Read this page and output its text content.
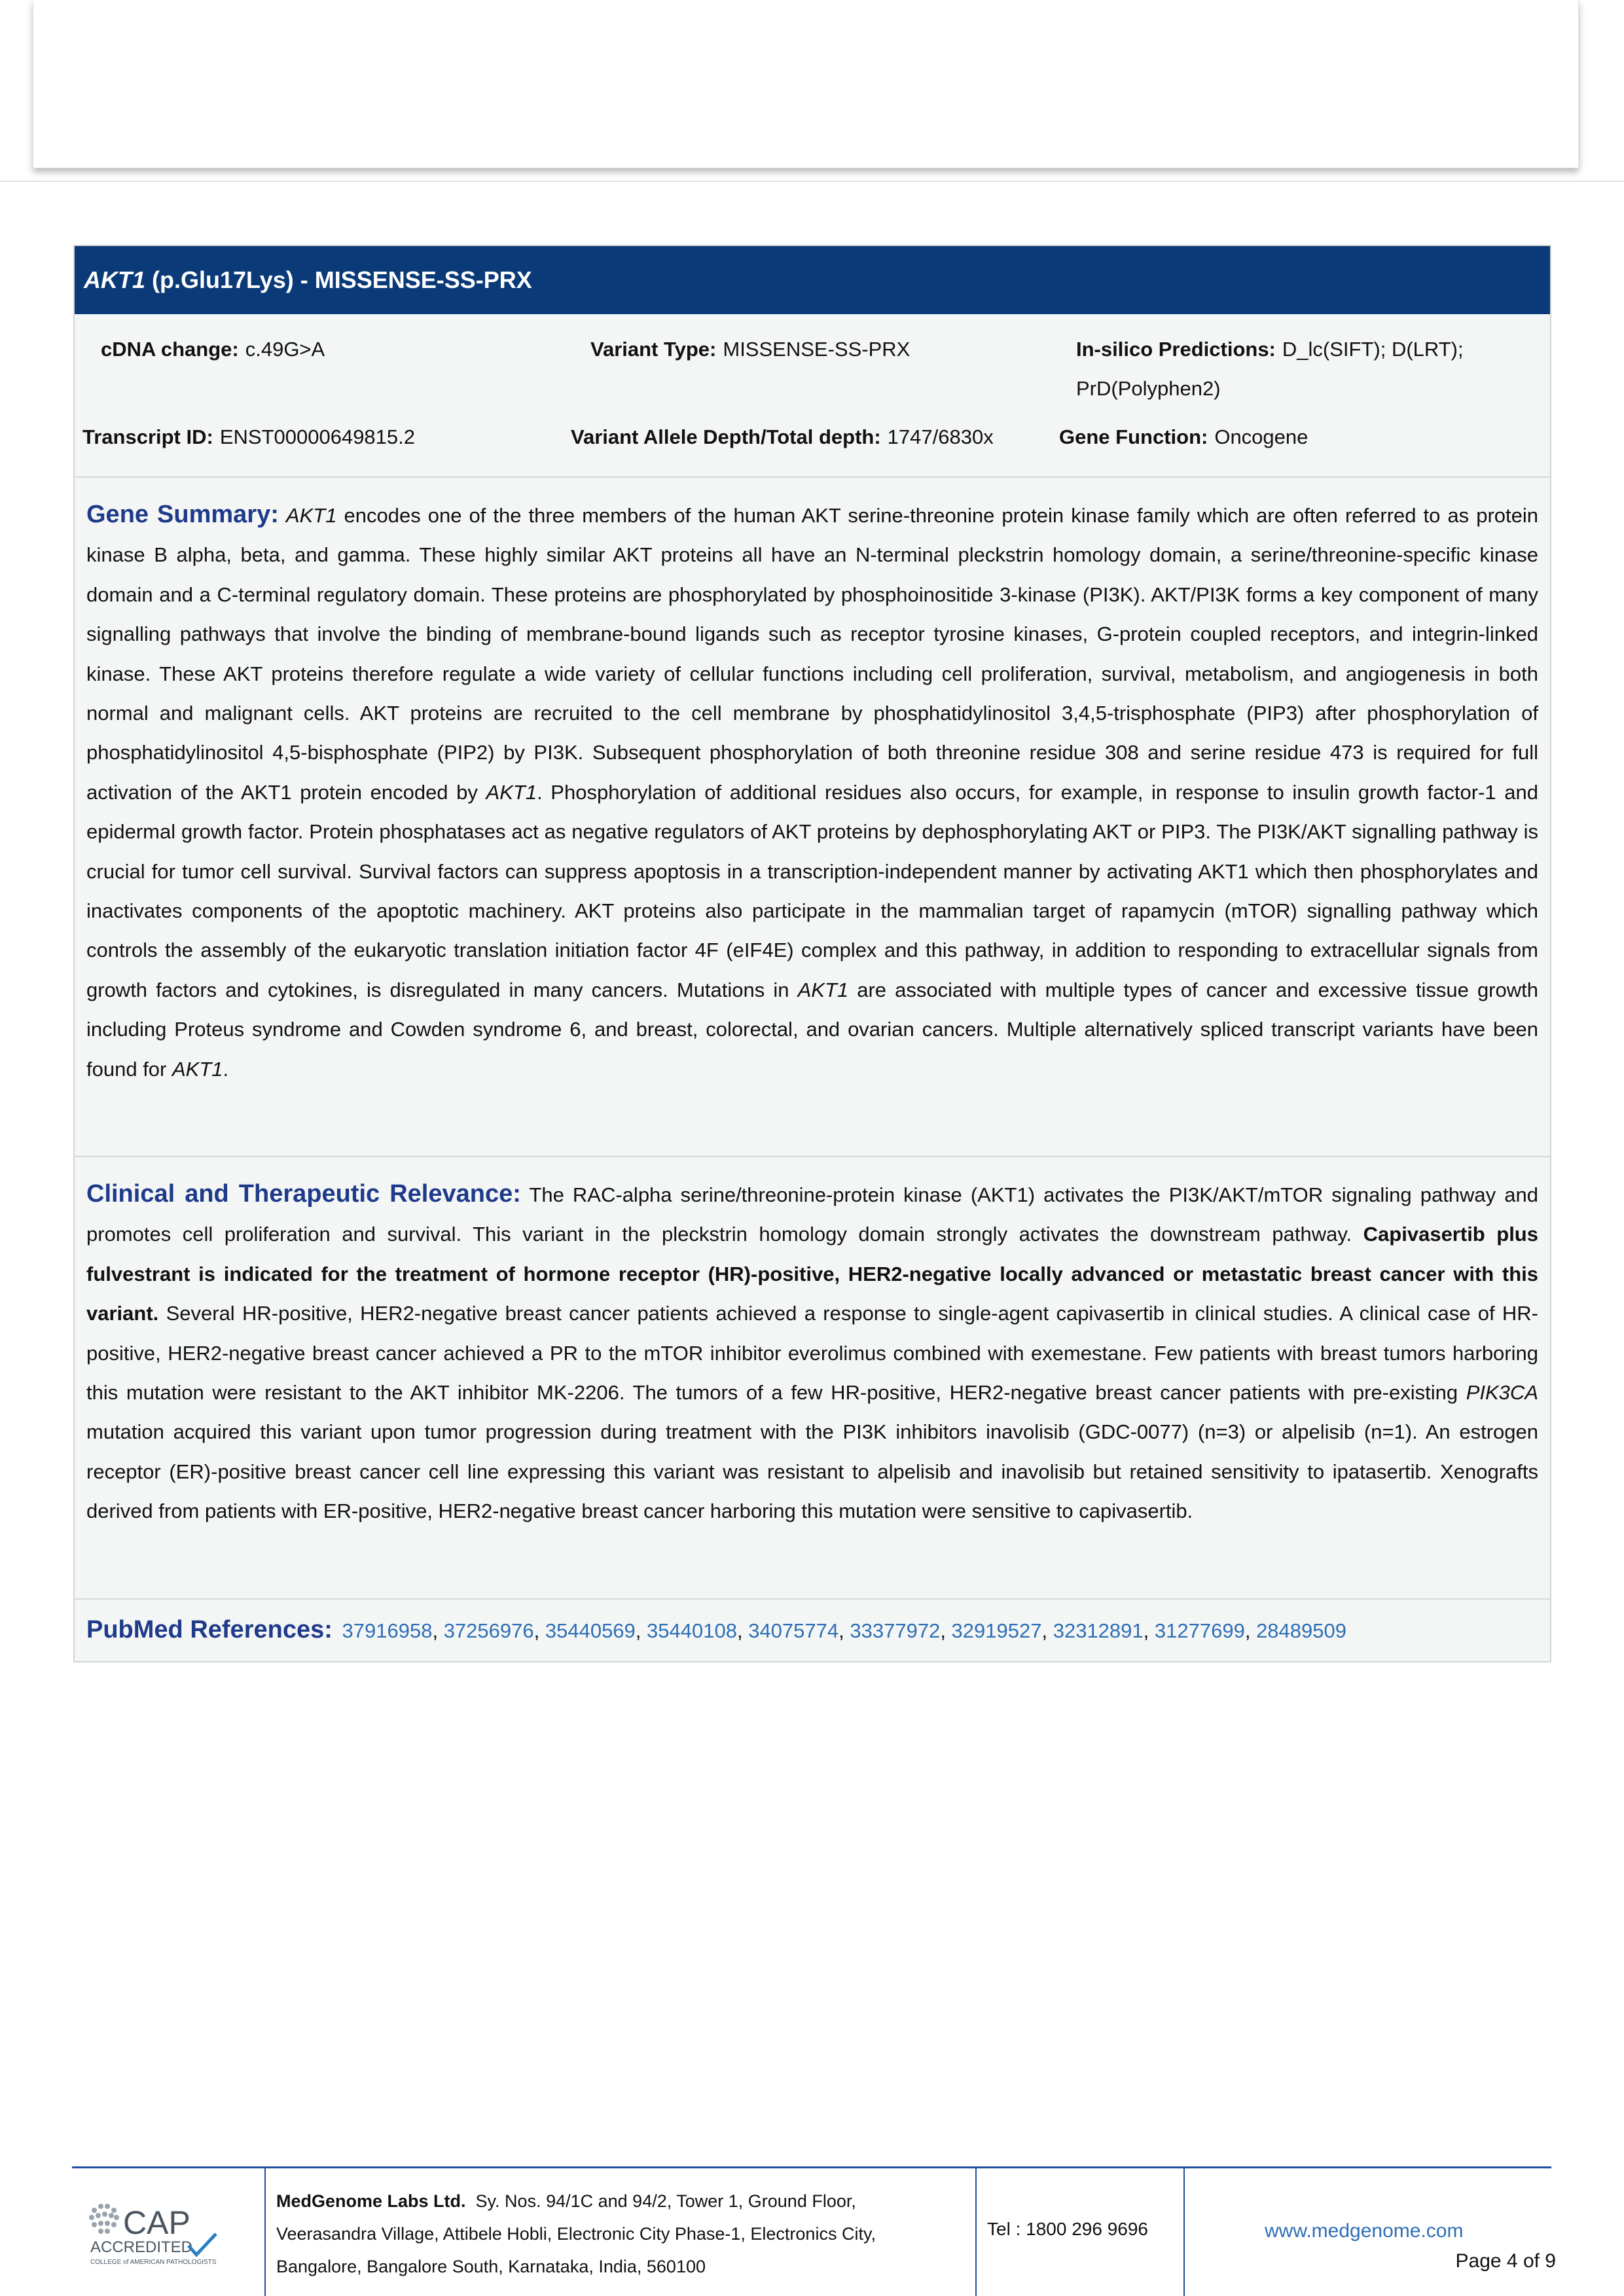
AKT1 (p.Glu17Lys) - MISSENSE-SS-PRX
cDNA change: c.49G>A	Variant Type: MISSENSE-SS-PRX	In-silico Predictions: D_lc(SIFT); D(LRT); PrD(Polyphen2)
Transcript ID: ENST00000649815.2	Variant Allele Depth/Total depth: 1747/6830x	Gene Function: Oncogene
Gene Summary: AKT1 encodes one of the three members of the human AKT serine-threonine protein kinase family which are often referred to as protein kinase B alpha, beta, and gamma. These highly similar AKT proteins all have an N-terminal pleckstrin homology domain, a serine/threonine-specific kinase domain and a C-terminal regulatory domain. These proteins are phosphorylated by phosphoinositide 3-kinase (PI3K). AKT/PI3K forms a key component of many signalling pathways that involve the binding of membrane-bound ligands such as receptor tyrosine kinases, G-protein coupled receptors, and integrin-linked kinase. These AKT proteins therefore regulate a wide variety of cellular functions including cell proliferation, survival, metabolism, and angiogenesis in both normal and malignant cells. AKT proteins are recruited to the cell membrane by phosphatidylinositol 3,4,5-trisphosphate (PIP3) after phosphorylation of phosphatidylinositol 4,5-bisphosphate (PIP2) by PI3K. Subsequent phosphorylation of both threonine residue 308 and serine residue 473 is required for full activation of the AKT1 protein encoded by AKT1. Phosphorylation of additional residues also occurs, for example, in response to insulin growth factor-1 and epidermal growth factor. Protein phosphatases act as negative regulators of AKT proteins by dephosphorylating AKT or PIP3. The PI3K/AKT signalling pathway is crucial for tumor cell survival. Survival factors can suppress apoptosis in a transcription-independent manner by activating AKT1 which then phosphorylates and inactivates components of the apoptotic machinery. AKT proteins also participate in the mammalian target of rapamycin (mTOR) signalling pathway which controls the assembly of the eukaryotic translation initiation factor 4F (eIF4E) complex and this pathway, in addition to responding to extracellular signals from growth factors and cytokines, is disregulated in many cancers. Mutations in AKT1 are associated with multiple types of cancer and excessive tissue growth including Proteus syndrome and Cowden syndrome 6, and breast, colorectal, and ovarian cancers. Multiple alternatively spliced transcript variants have been found for AKT1.
Clinical and Therapeutic Relevance: The RAC-alpha serine/threonine-protein kinase (AKT1) activates the PI3K/AKT/mTOR signaling pathway and promotes cell proliferation and survival. This variant in the pleckstrin homology domain strongly activates the downstream pathway. Capivasertib plus fulvestrant is indicated for the treatment of hormone receptor (HR)-positive, HER2-negative locally advanced or metastatic breast cancer with this variant. Several HR-positive, HER2-negative breast cancer patients achieved a response to single-agent capivasertib in clinical studies. A clinical case of HR-positive, HER2-negative breast cancer achieved a PR to the mTOR inhibitor everolimus combined with exemestane. Few patients with breast tumors harboring this mutation were resistant to the AKT inhibitor MK-2206. The tumors of a few HR-positive, HER2-negative breast cancer patients with pre-existing PIK3CA mutation acquired this variant upon tumor progression during treatment with the PI3K inhibitors inavolisib (GDC-0077) (n=3) or alpelisib (n=1). An estrogen receptor (ER)-positive breast cancer cell line expressing this variant was resistant to alpelisib and inavolisib but retained sensitivity to ipatasertib. Xenografts derived from patients with ER-positive, HER2-negative breast cancer harboring this mutation were sensitive to capivasertib.
PubMed References: 37916958, 37256976, 35440569, 35440108, 34075774, 33377972, 32919527, 32312891, 31277699, 28489509
CAP
ACCREDITED
COLLEGE of AMERICAN PATHOLOGISTS
MedGenome Labs Ltd. Sy. Nos. 94/1C and 94/2, Tower 1, Ground Floor,
Veerasandra Village, Attibele Hobli, Electronic City Phase-1, Electronics City,
Bangalore, Bangalore South, Karnataka, India, 560100
Tel : 1800 296 9696	www.medgenome.com
Page 4 of 9
